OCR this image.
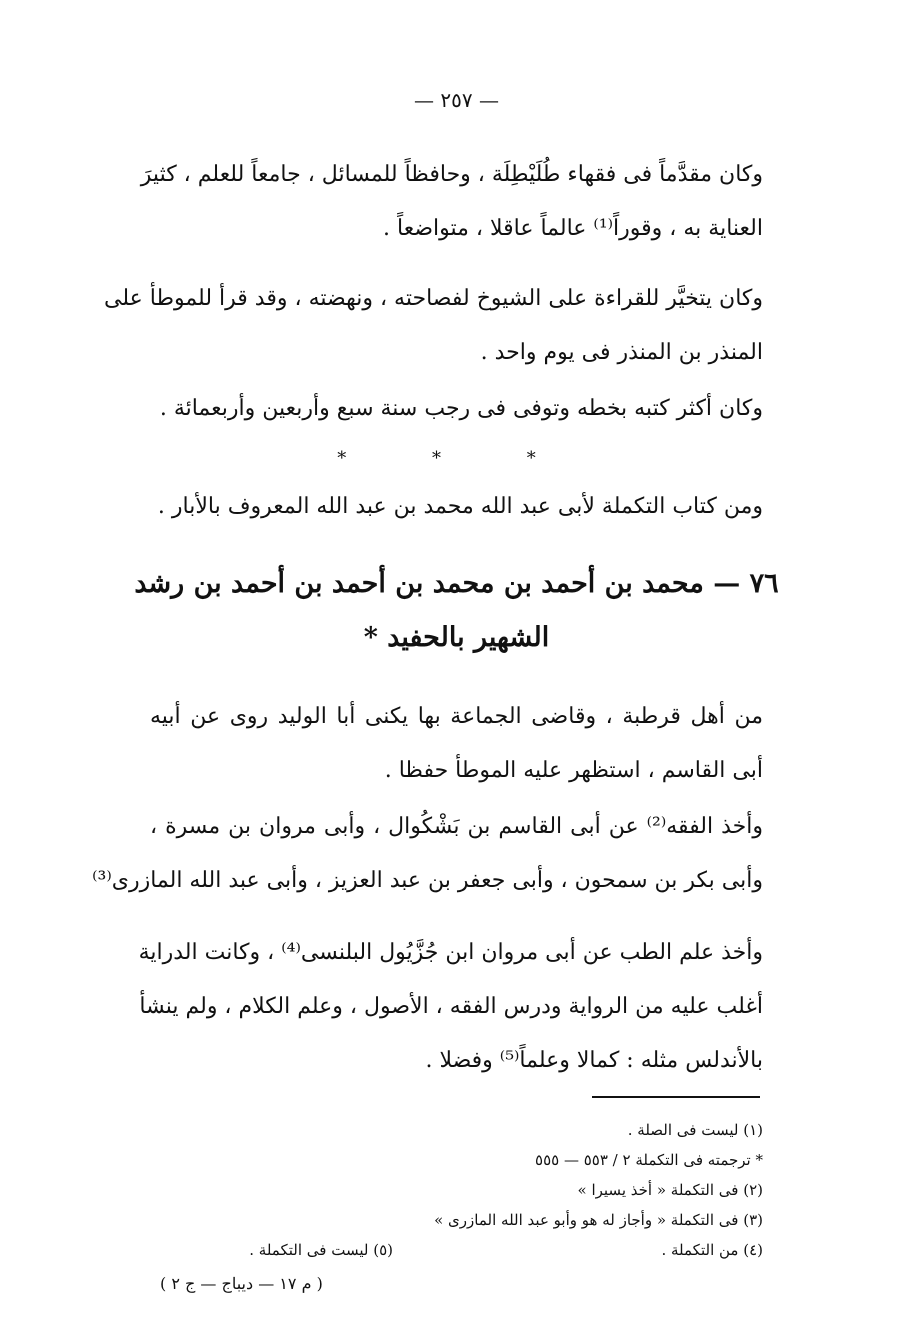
— ٢٥٧ —
وكان مقدَّماً فى فقهاء طُلَيْطِلَة ، وحافظاً للمسائل ، جامعاً للعلم ، كثيرَ
العناية به ، وقوراً⁽¹⁾ عالماً عاقلا ، متواضعاً .
وكان يتخيَّر للقراءة على الشيوخ لفصاحته ، ونهضته ، وقد قرأ للموطأ على
المنذر بن المنذر فى يوم واحد .
وكان أكثر كتبه بخطه وتوفى فى رجب سنة سبع وأربعين وأربعمائة .
* * *
ومن كتاب التكملة لأبى عبد الله محمد بن عبد الله المعروف بالأبار .
٧٦ — محمد بن أحمد بن محمد بن أحمد بن أحمد بن رشد
الشهير بالحفيد *
من أهل قرطبة ، وقاضى الجماعة بها يكنى أبا الوليد روى عن أبيه
أبى القاسم ، استظهر عليه الموطأ حفظا .
وأخذ الفقه⁽²⁾ عن أبى القاسم بن بَشْكُوال ، وأبى مروان بن مسرة ،
وأبى بكر بن سمحون ، وأبى جعفر بن عبد العزيز ، وأبى عبد الله المازرى⁽³⁾
وأخذ علم الطب عن أبى مروان ابن جُزَّيُول البلنسى⁽⁴⁾ ، وكانت الدراية
أغلب عليه من الرواية ودرس الفقه ، الأصول ، وعلم الكلام ، ولم ينشأ
بالأندلس مثله : كمالا وعلماً⁽⁵⁾ وفضلا .
(١) ليست فى الصلة .
* ترجمته فى التكملة ٢ / ٥٥٣ — ٥٥٥
(٢) فى التكملة « أخذ يسيرا »
(٣) فى التكملة « وأجاز له هو وأبو عبد الله المازرى »
(٤) من التكملة .
(٥) ليست فى التكملة .
( م ١٧ — ديباج — ج ٢ )
